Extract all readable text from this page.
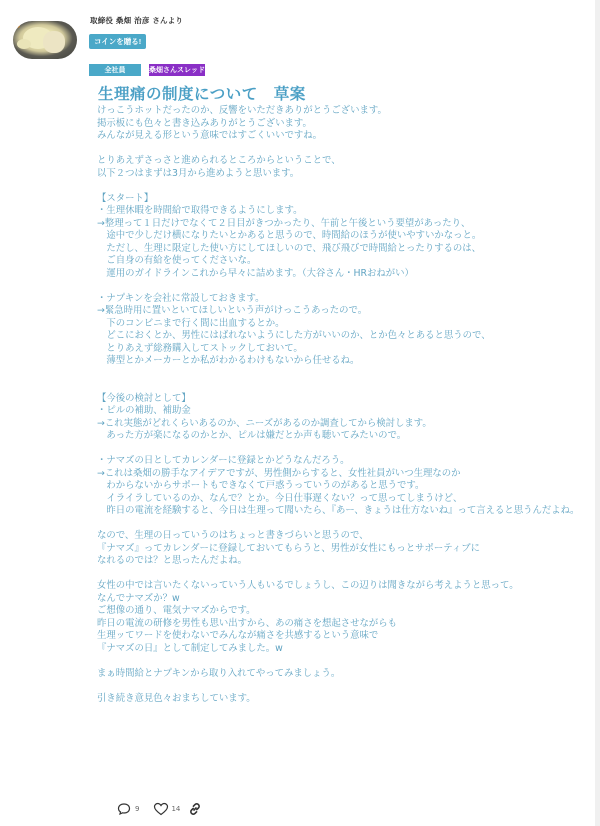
取締役 桑畑 治彦 さんより
コインを贈る!
全社員	桑畑さんスレッド
生理痛の制度について　草案
けっこうホットだったのか、反響をいただきありがとうございます。
掲示板にも色々と書き込みありがとうございます。
みんなが見える形という意味ではすごくいいですね。

とりあえずさっさと進められるところからということで、
以下２つはまずは3月から進めようと思います。

【スタート】
・生理休暇を時間給で取得できるようにします。
→整理って１日だけでなくて２日目がきつかったり、午前と午後という要望があったり、
　途中で少しだけ横になりたいとかあると思うので、時間給のほうが使いやすいかなっと。
　ただし、生理に限定した使い方にしてほしいので、飛び飛びで時間給とったりするのは、
　ご自身の有給を使ってくださいな。
　運用のガイドラインこれから早々に詰めます。（大谷さん・HRおねがい）

・ナプキンを会社に常設しておきます。
→緊急時用に置いといてほしいという声がけっこうあったので。
　下のコンビニまで行く間に出血するとか。
　どこにおくとか、男性にはばれないようにした方がいいのか、とか色々とあると思うので、
　とりあえず総務購入してストックしておいて。
　薄型とかメーカーとか私がわかるわけもないから任せるね。

【今後の検討として】
・ピルの補助、補助金
→これ実態がどれくらいあるのか、ニーズがあるのか調査してから検討します。
　あった方が楽になるのかとか、ピルは嫌だとか声も聴いてみたいので。

・ナマズの日としてカレンダーに登録とかどうなんだろう。
→これは桑畑の勝手なアイデアですが、男性側からすると、女性社員がいつ生理なのか
　わからないからサポートもできなくて戸惑うっていうのがあると思うです。
　イライラしているのか、なんで？とか。今日仕事遅くない？って思ってしまうけど、
　昨日の電流を経験すると、今日は生理って聞いたら、『あー、きょうは仕方ないね』って言えると思うんだよね。

なので、生理の日っていうのはちょっと書きづらいと思うので、
『ナマズ』ってカレンダーに登録しておいてもらうと、男性が女性にもっとサポーティブに
なれるのでは？と思ったんだよね。

女性の中では言いたくないっていう人もいるでしょうし、この辺りは聞きながら考えようと思って。
なんでナマズか？w
ご想像の通り、電気ナマズからです。
昨日の電流の研修を男性も思い出すから、あの痛さを想起させながらも
生理ッてワードを使わないでみんなが痛さを共感するという意味で
『ナマズの日』として制定してみました。w

まぁ時間給とナプキンから取り入れてやってみましょう。

引き続き意見色々おまちしています。
9	14
